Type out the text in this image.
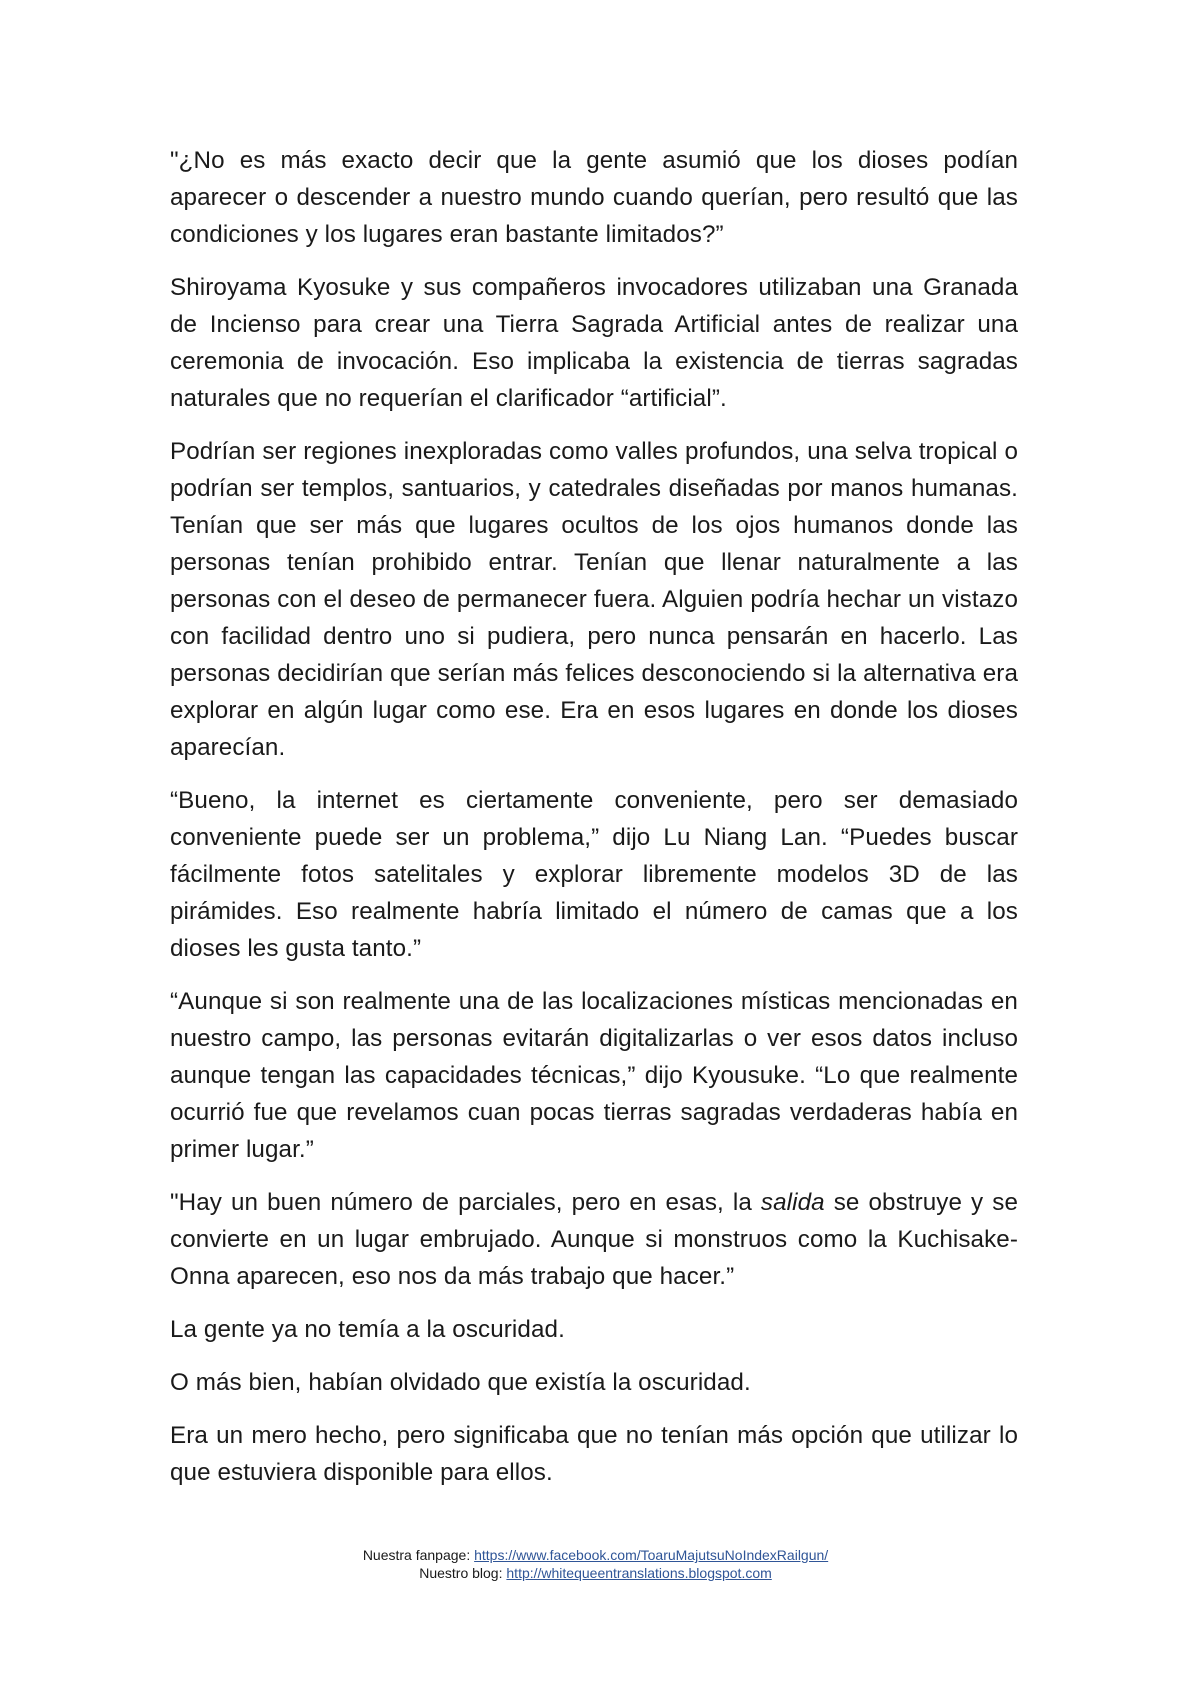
"¿No es más exacto decir que la gente asumió que los dioses podían aparecer o descender a nuestro mundo cuando querían, pero resultó que las condiciones y los lugares eran bastante limitados?”

Shiroyama Kyosuke y sus compañeros invocadores utilizaban una Granada de Incienso para crear una Tierra Sagrada Artificial antes de realizar una ceremonia de invocación. Eso implicaba la existencia de tierras sagradas naturales que no requerían el clarificador “artificial”.

Podrían ser regiones inexploradas como valles profundos, una selva tropical o podrían ser templos, santuarios, y catedrales diseñadas por manos humanas. Tenían que ser más que lugares ocultos de los ojos humanos donde las personas tenían prohibido entrar. Tenían que llenar naturalmente a las personas con el deseo de permanecer fuera. Alguien podría hechar un vistazo con facilidad dentro uno si pudiera, pero nunca pensarán en hacerlo. Las personas decidirían que serían más felices desconociendo si la alternativa era explorar en algún lugar como ese. Era en esos lugares en donde los dioses aparecían.

“Bueno, la internet es ciertamente conveniente, pero ser demasiado conveniente puede ser un problema,” dijo Lu Niang Lan. “Puedes buscar fácilmente fotos satelitales y explorar libremente modelos 3D de las pirámides. Eso realmente habría limitado el número de camas que a los dioses les gusta tanto.”

“Aunque si son realmente una de las localizaciones místicas mencionadas en nuestro campo, las personas evitarán digitalizarlas o ver esos datos incluso aunque tengan las capacidades técnicas,” dijo Kyousuke. “Lo que realmente ocurrió fue que revelamos cuan pocas tierras sagradas verdaderas había en primer lugar.”

"Hay un buen número de parciales, pero en esas, la salida se obstruye y se convierte en un lugar embrujado. Aunque si monstruos como la Kuchisake-Onna aparecen, eso nos da más trabajo que hacer.”

La gente ya no temía a la oscuridad.

O más bien, habían olvidado que existía la oscuridad.

Era un mero hecho, pero significaba que no tenían más opción que utilizar lo que estuviera disponible para ellos.

Nuestra fanpage: https://www.facebook.com/ToaruMajutsuNoIndexRailgun/
Nuestro blog: http://whitequeentranslations.blogspot.com
